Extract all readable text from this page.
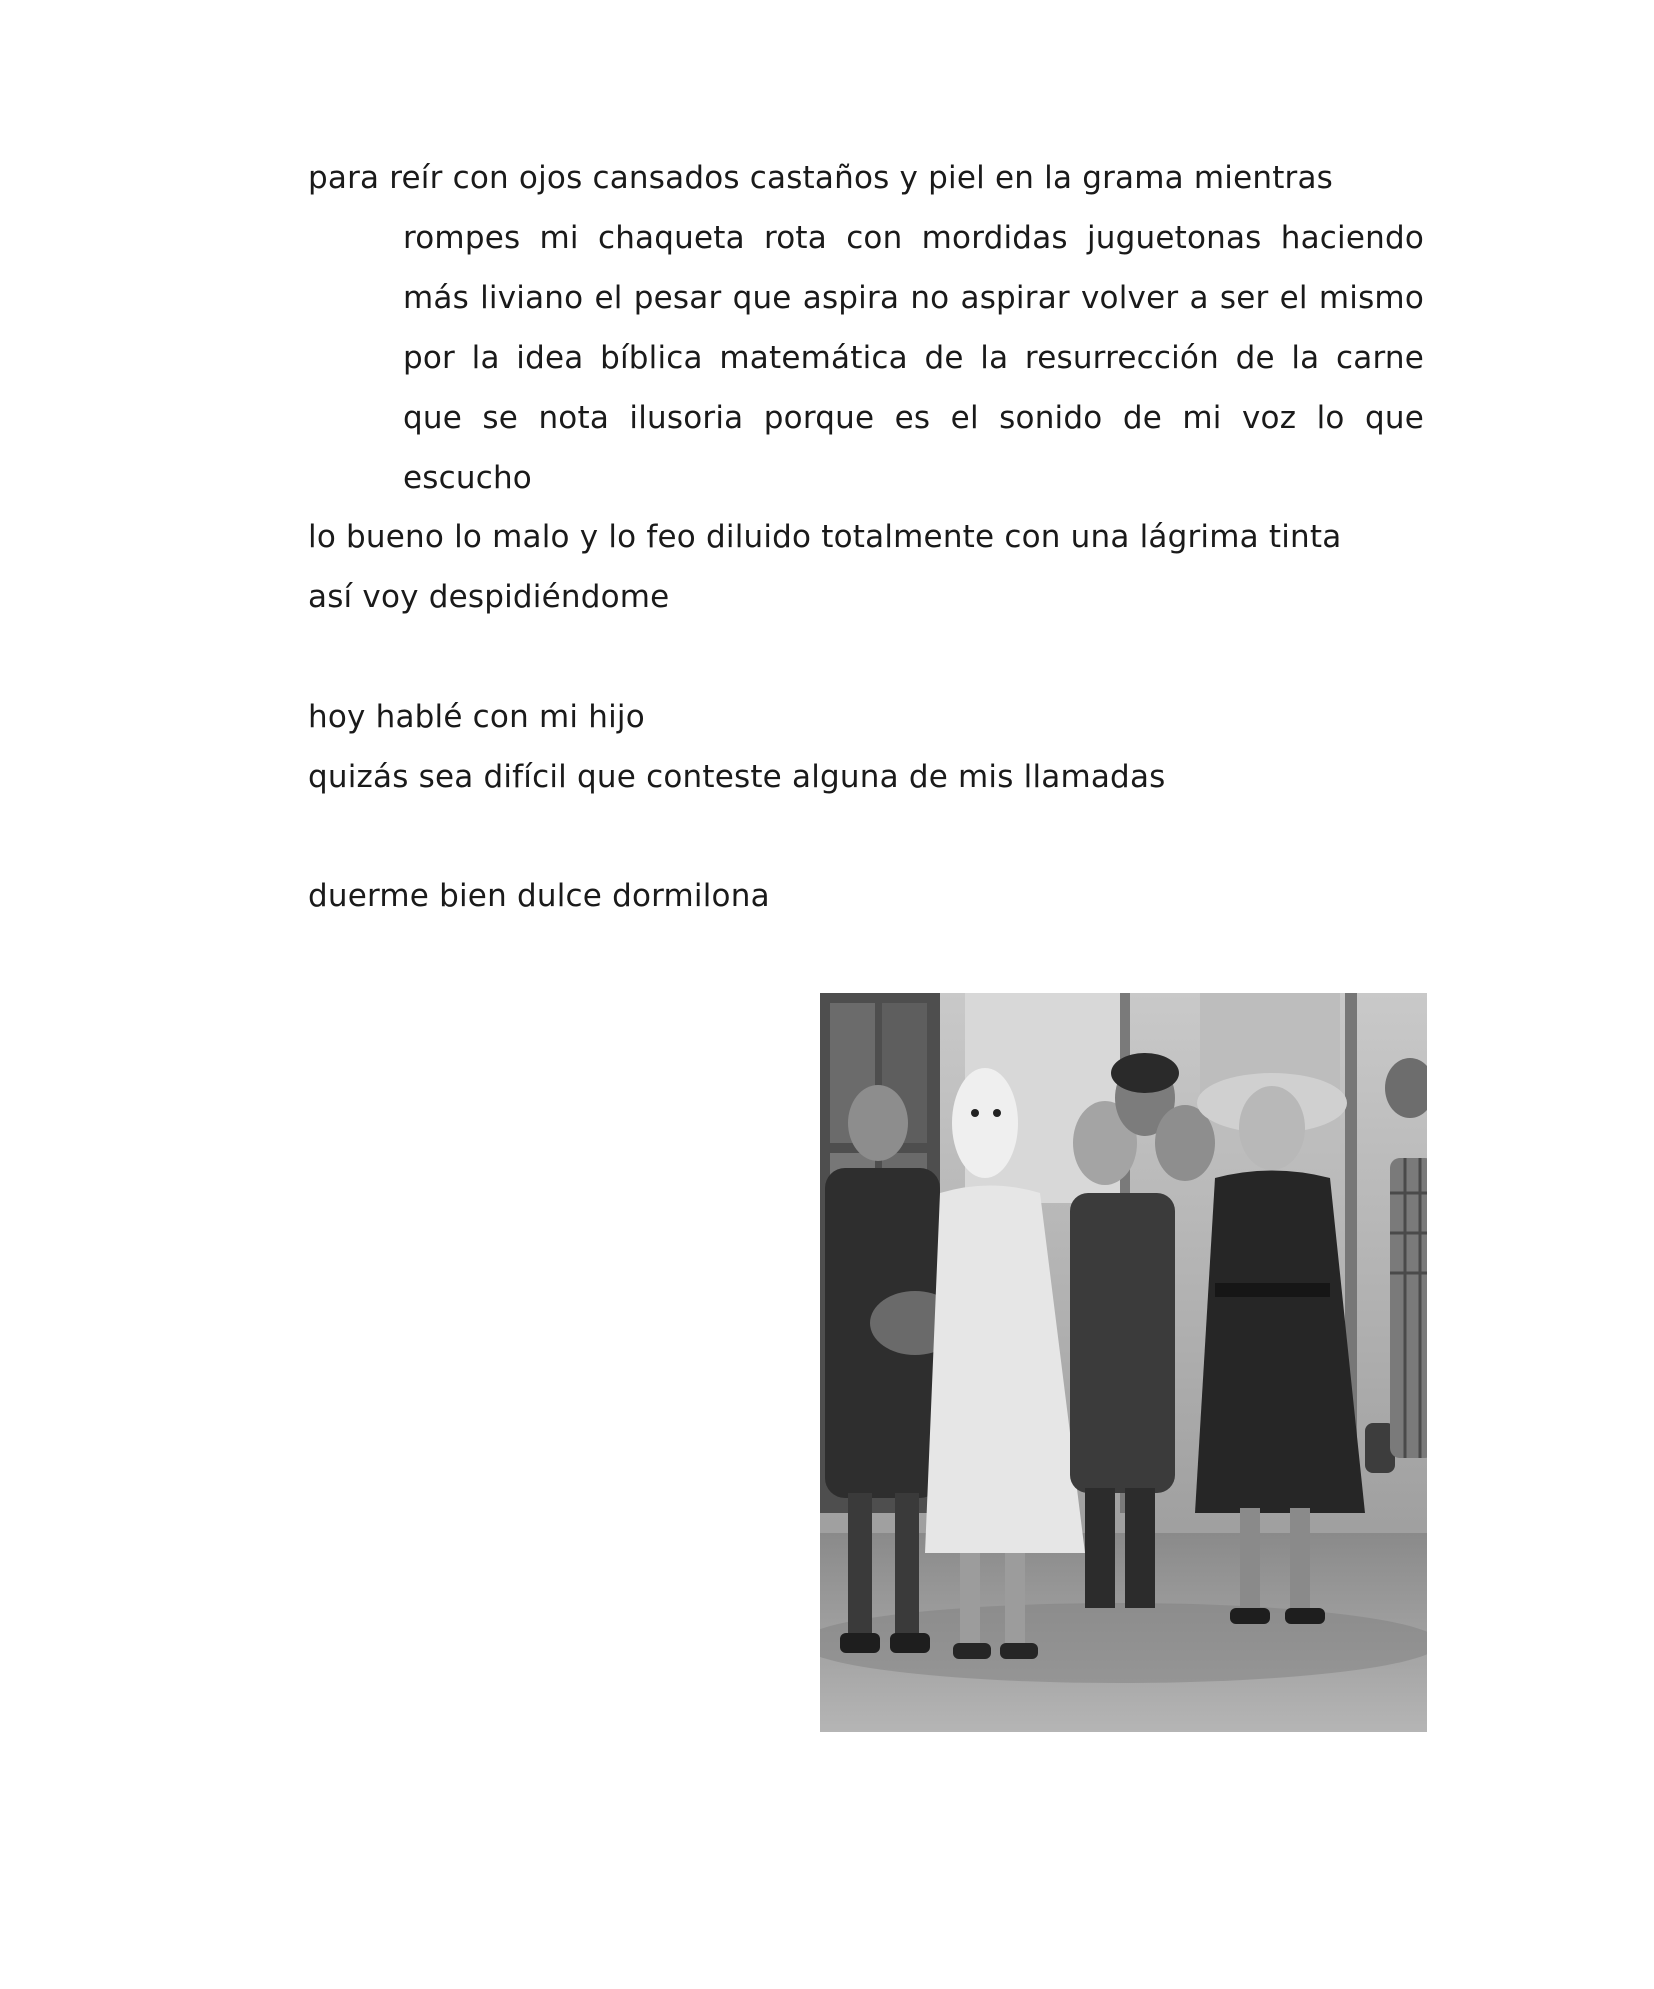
para reír con ojos cansados castaños y piel en la grama mientras
rompes mi chaqueta rota con mordidas juguetonas haciendo
más liviano el pesar que aspira no aspirar volver a ser el mismo
por la idea bíblica matemática de la resurrección de la carne
que se nota ilusoria porque es el sonido de mi voz lo que
escucho
lo bueno lo malo y lo feo diluido totalmente con una lágrima tinta
así voy despidiéndome
hoy hablé con mi hijo
quizás sea difícil que conteste alguna de mis llamadas
duerme bien dulce dormilona
